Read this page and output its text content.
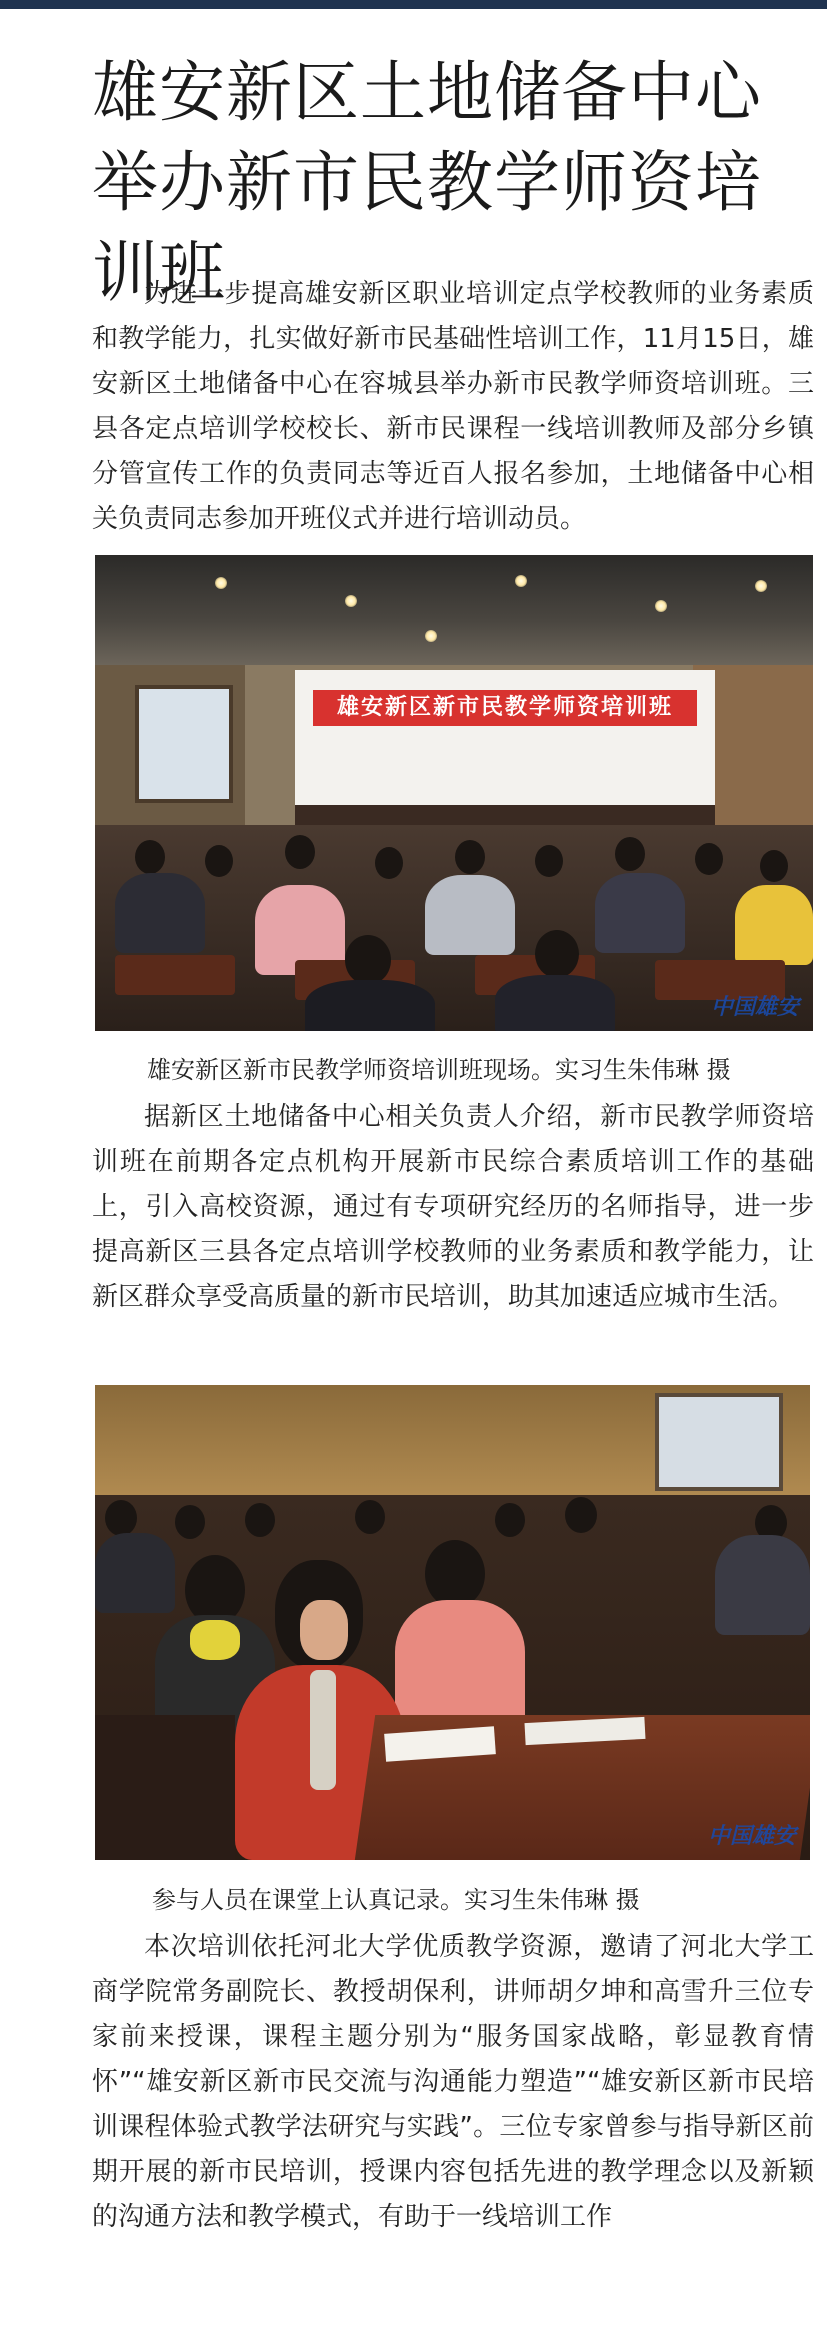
雄安新区土地储备中心举办新市民教学师资培训班

为进一步提高雄安新区职业培训定点学校教师的业务素质和教学能力，扎实做好新市民基础性培训工作，11月15日，雄安新区土地储备中心在容城县举办新市民教学师资培训班。三县各定点培训学校校长、新市民课程一线培训教师及部分乡镇分管宣传工作的负责同志等近百人报名参加，土地储备中心相关负责同志参加开班仪式并进行培训动员。

雄安新区新市民教学师资培训班
中国雄安
雄安新区新市民教学师资培训班现场。实习生朱伟琳 摄

据新区土地储备中心相关负责人介绍，新市民教学师资培训班在前期各定点机构开展新市民综合素质培训工作的基础上，引入高校资源，通过有专项研究经历的名师指导，进一步提高新区三县各定点培训学校教师的业务素质和教学能力，让新区群众享受高质量的新市民培训，助其加速适应城市生活。

中国雄安
参与人员在课堂上认真记录。实习生朱伟琳 摄

本次培训依托河北大学优质教学资源，邀请了河北大学工商学院常务副院长、教授胡保利，讲师胡夕坤和高雪升三位专家前来授课，课程主题分别为“服务国家战略，彰显教育情怀”“雄安新区新市民交流与沟通能力塑造”“雄安新区新市民培训课程体验式教学法研究与实践”。三位专家曾参与指导新区前期开展的新市民培训，授课内容包括先进的教学理念以及新颖的沟通方法和教学模式，有助于一线培训工作
